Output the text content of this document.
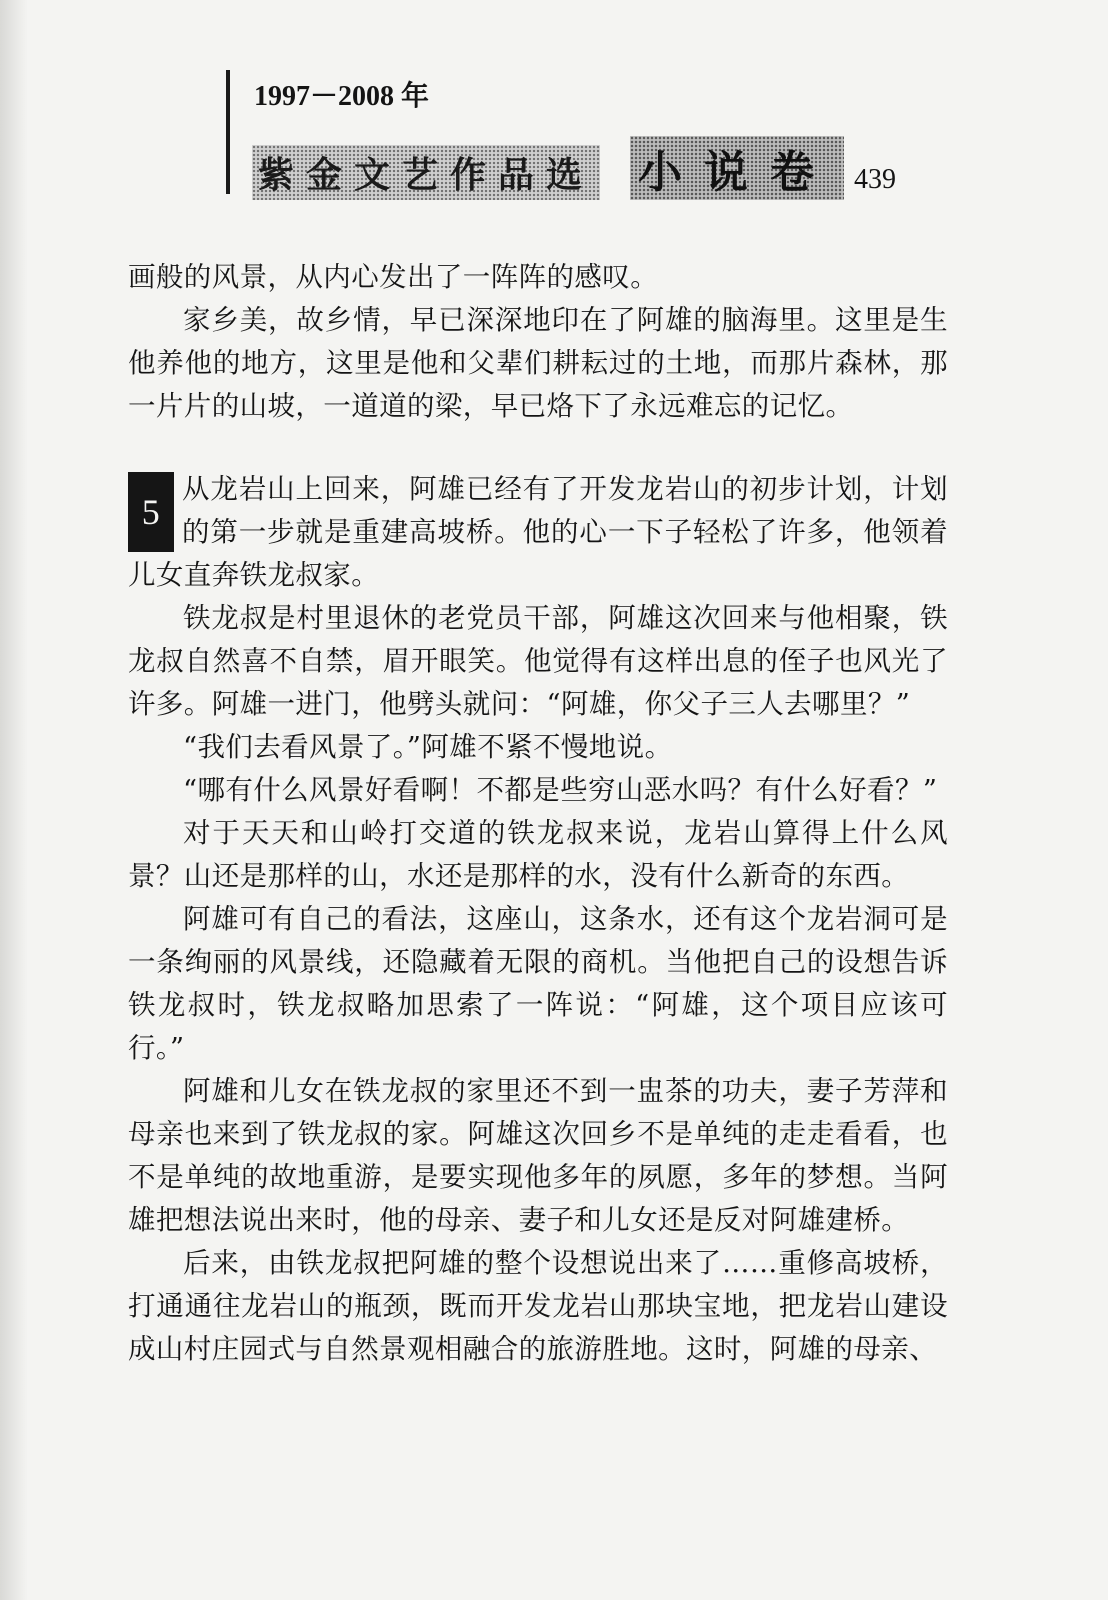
1997－2008 年
紫金文艺作品选 小说卷 439

画般的风景，从内心发出了一阵阵的感叹。

家乡美，故乡情，早已深深地印在了阿雄的脑海里。这里是生他养他的地方，这里是他和父辈们耕耘过的土地，而那片森林，那一片片的山坡，一道道的梁，早已烙下了永远难忘的记忆。

5
从龙岩山上回来，阿雄已经有了开发龙岩山的初步计划，计划的第一步就是重建高坡桥。他的心一下子轻松了许多，他领着儿女直奔铁龙叔家。

铁龙叔是村里退休的老党员干部，阿雄这次回来与他相聚，铁龙叔自然喜不自禁，眉开眼笑。他觉得有这样出息的侄子也风光了许多。阿雄一进门，他劈头就问：“阿雄，你父子三人去哪里？”

“我们去看风景了。”阿雄不紧不慢地说。

“哪有什么风景好看啊！不都是些穷山恶水吗？有什么好看？”

对于天天和山岭打交道的铁龙叔来说，龙岩山算得上什么风景？山还是那样的山，水还是那样的水，没有什么新奇的东西。

阿雄可有自己的看法，这座山，这条水，还有这个龙岩洞可是一条绚丽的风景线，还隐藏着无限的商机。当他把自己的设想告诉铁龙叔时，铁龙叔略加思索了一阵说：“阿雄，这个项目应该可行。”

阿雄和儿女在铁龙叔的家里还不到一盅茶的功夫，妻子芳萍和母亲也来到了铁龙叔的家。阿雄这次回乡不是单纯的走走看看，也不是单纯的故地重游，是要实现他多年的夙愿，多年的梦想。当阿雄把想法说出来时，他的母亲、妻子和儿女还是反对阿雄建桥。

后来，由铁龙叔把阿雄的整个设想说出来了……重修高坡桥，打通通往龙岩山的瓶颈，既而开发龙岩山那块宝地，把龙岩山建设成山村庄园式与自然景观相融合的旅游胜地。这时，阿雄的母亲、
